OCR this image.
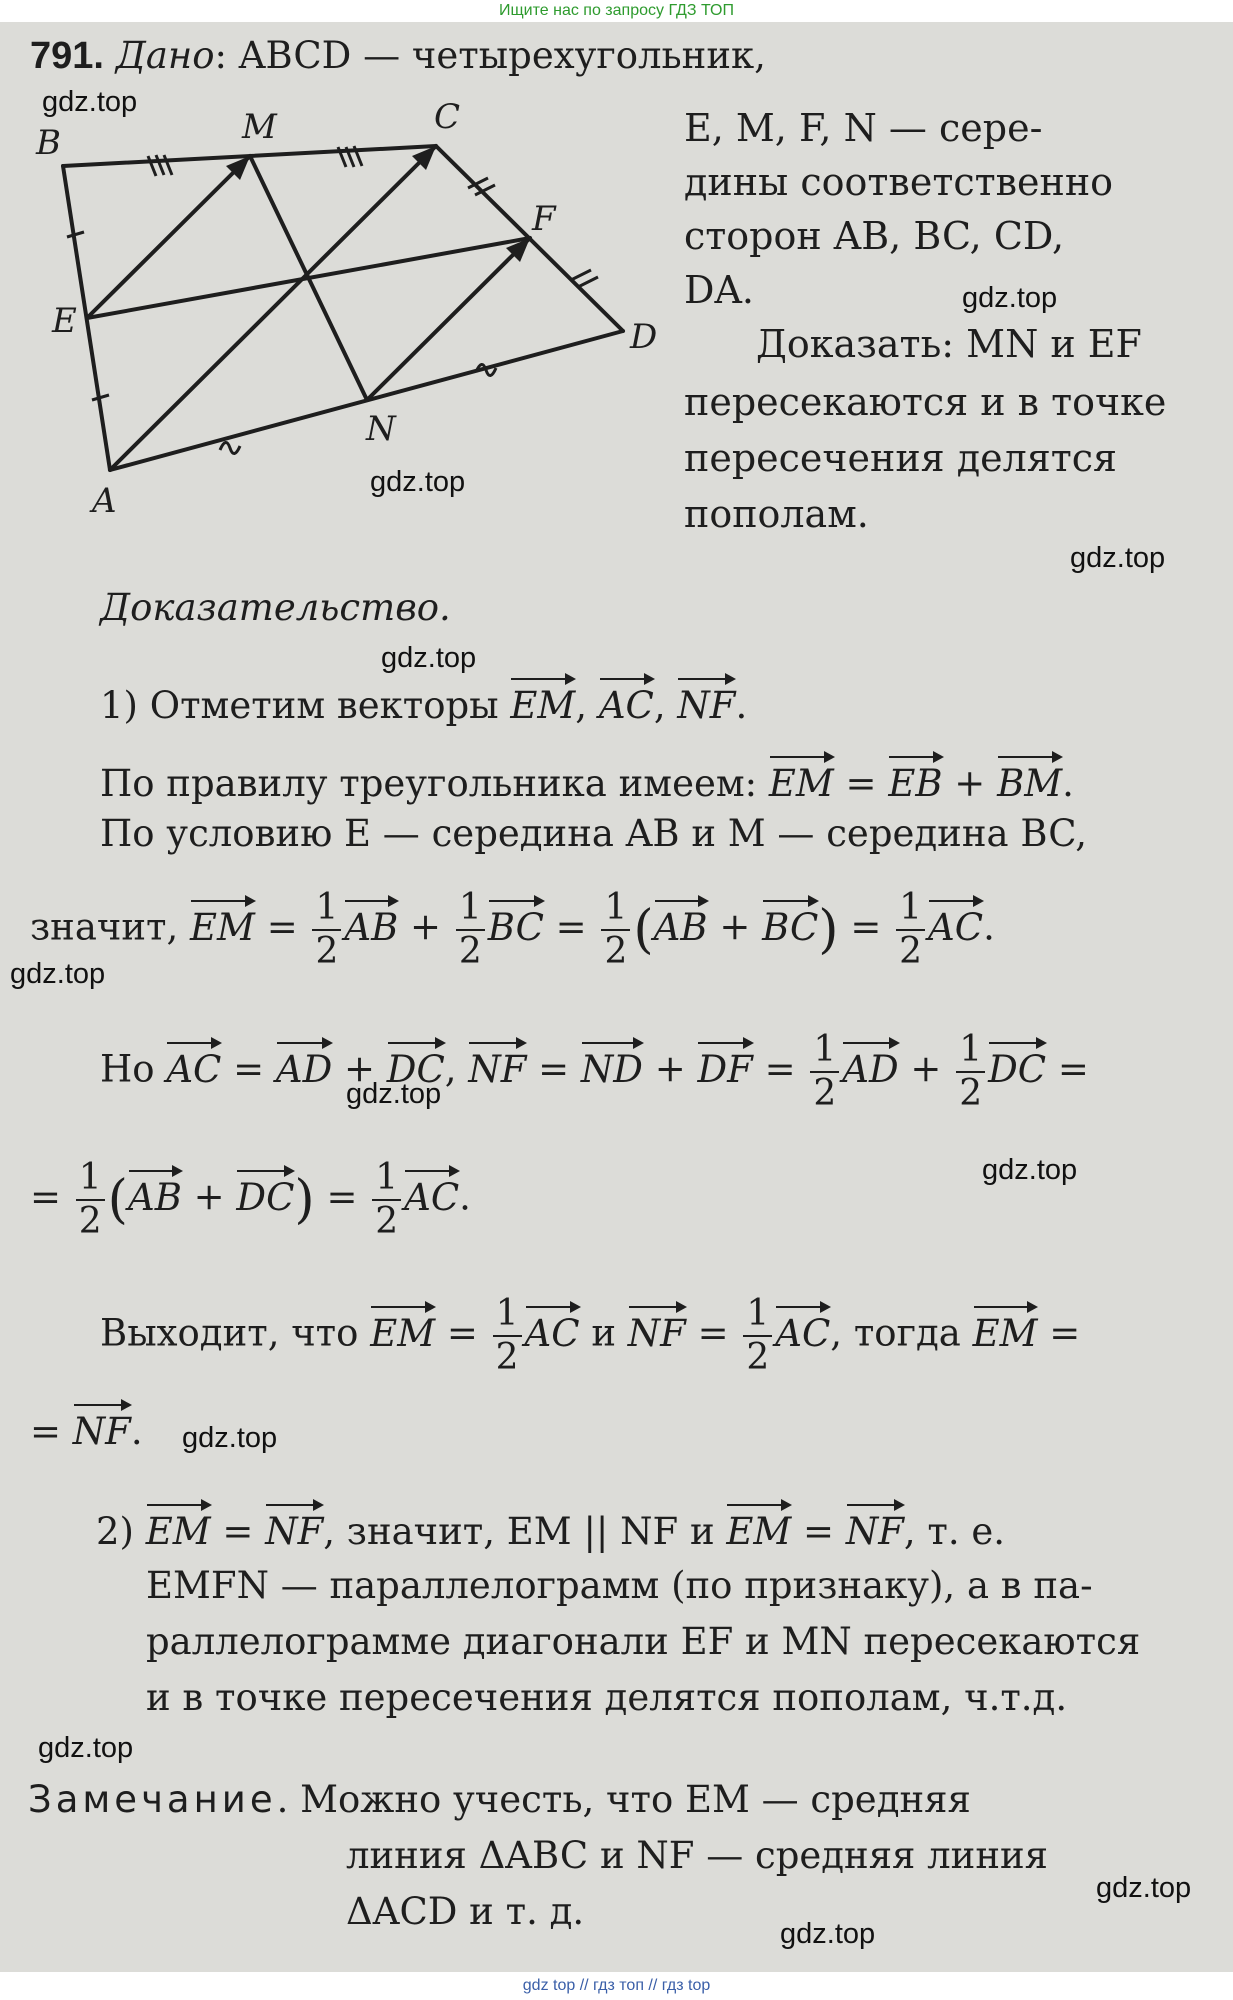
Ищите нас по запросу ГДЗ ТОП
gdz.top
gdz.top
gdz.top
gdz.top
gdz.top
gdz.top
gdz.top
gdz.top
gdz.top
gdz.top
gdz.top
gdz.top
B	M	C
F
E	D
N
A
791. Дано: ABCD — четырехугольник,
E, M, F, N — сере-
дины соответственно
сторон AB, BC, CD,
DA.
Доказать: MN и EF
пересекаются и в точке
пересечения делятся
пополам.
Доказательство.
1) Отметим векторы EM, AC, NF.
По правилу треугольника имеем: EM = EB + BM.
По условию E — середина AB и M — середина BC,
значит, EM = $\frac{1}{2}$ AB + $\frac{1}{2}$ BC = $\frac{1}{2} (AB + BC) = \frac{1}{2}$ AC.
Но AC = AD + DC, NF = ND + DF = $\frac{1}{2}$ AD + $\frac{1}{2}$ DC =
= $\frac{1}{2} (AB + DC) = \frac{1}{2}$ AC.
Выходит, что EM = $\frac{1}{2}$ AC и NF = $\frac{1}{2}$ AC, тогда EM =
= NF.
2) EM = NF, значит, EM || NF и EM = NF, т. е.
EMFN — параллелограмм (по признаку), а в па-
раллелограмме диагонали EF и MN пересекаются
и в точке пересечения делятся пополам, ч.т.д.
Замечание. Можно учесть, что EM — средняя
линия ΔABC и NF — средняя линия
ΔACD и т. д.
gdz top // гдз топ // гдз top
